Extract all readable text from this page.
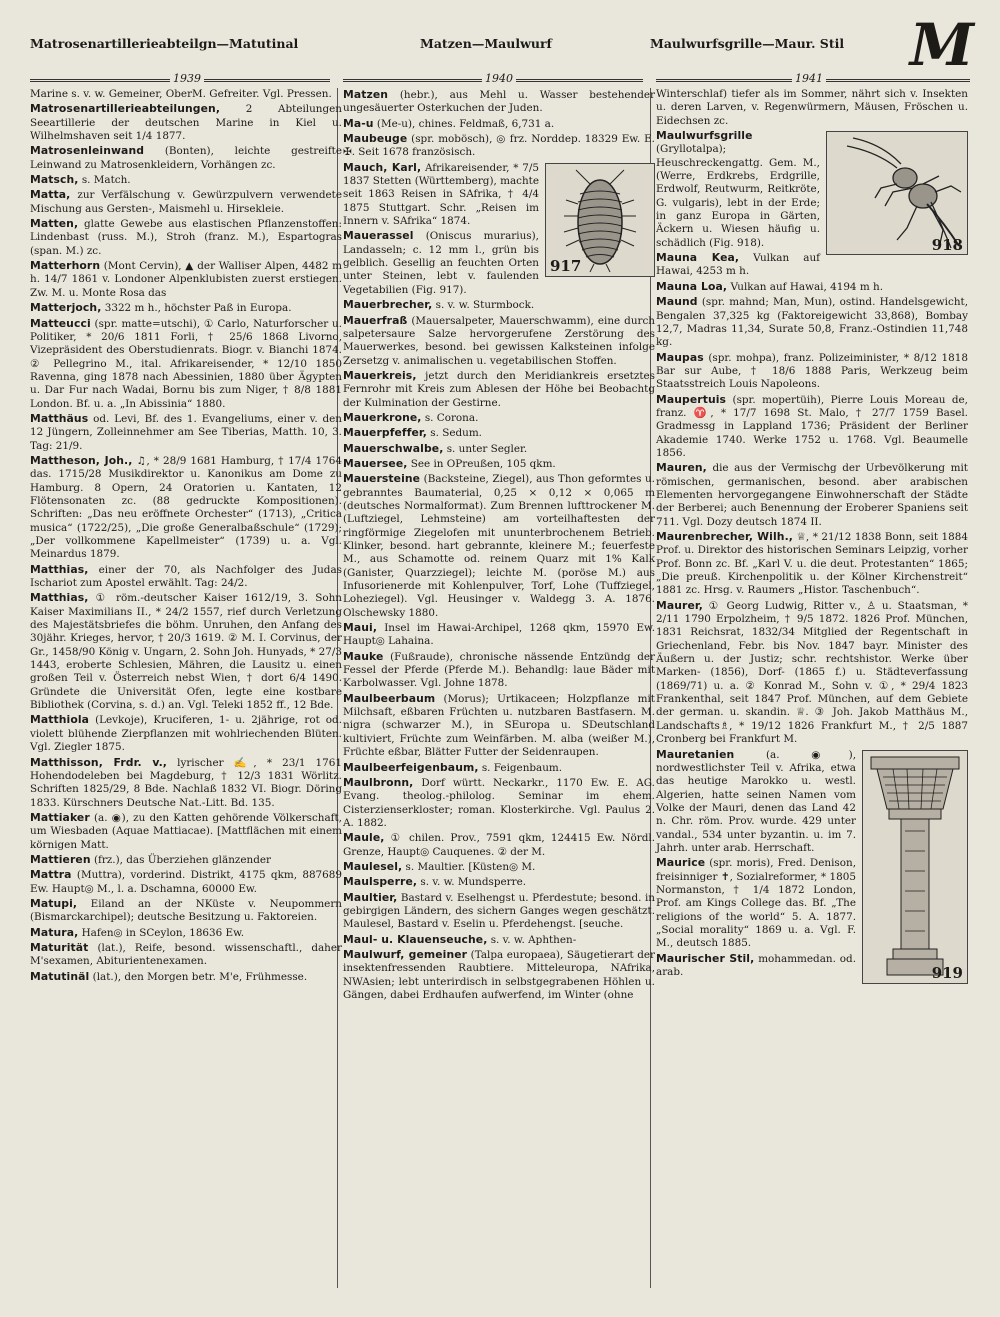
Matrosenartillerieabteilgn—Matutinal	Matzen—Maulwurf	Maulwurfsgrille—Maur. Stil M
1939	1940	1941

Marine s. v. w. Gemeiner, OberM. Gefreiter. Vgl. Pressen.

Matrosenartillerieabteilungen, 2 Abteilungen Seeartillerie der deutschen Marine in Kiel u. Wilhelmshaven seit 1/4 1877.

Matrosenleinwand (Bonten), leichte gestreifte Leinwand zu Matrosenkleidern, Vorhängen zc.

Matsch, s. Match.

Matta, zur Verfälschung v. Gewürzpulvern verwendete Mischung aus Gersten-, Maismehl u. Hirsekleie.

Matten, glatte Gewebe aus elastischen Pflanzenstoffen: Lindenbast (russ. M.), Stroh (franz. M.), Espartogras (span. M.) zc.

Matterhorn (Mont Cervin), ▲ der Walliser Alpen, 4482 m h. 14/7 1861 v. Londoner Alpenklubisten zuerst erstiegen. Zw. M. u. Monte Rosa das

Matterjoch, 3322 m h., höchster Paß in Europa.

Matteucci (spr. matte=utschi), ① Carlo, Naturforscher u. Politiker, * 20/6 1811 Forli, † 25/6 1868 Livorno, Vizepräsident des Oberstudienrats. Biogr. v. Bianchi 1874. ② Pellegrino M., ital. Afrikareisender, * 12/10 1850 Ravenna, ging 1878 nach Abessinien, 1880 über Ägypten u. Dar Fur nach Wadai, Bornu bis zum Niger, † 8/8 1881 London. Bf. u. a. „In Abissinia“ 1880.

Matthäus od. Levi, Bf. des 1. Evangeliums, einer v. den 12 Jüngern, Zolleinnehmer am See Tiberias, Matth. 10, 3. Tag: 21/9.

Mattheson, Joh., ♫, * 28/9 1681 Hamburg, † 17/4 1764 das. 1715/28 Musikdirektor u. Kanonikus am Dome zu Hamburg. 8 Opern, 24 Oratorien u. Kantaten, 12 Flötensonaten zc. (88 gedruckte Kompositionen). Schriften: „Das neu eröffnete Orchester“ (1713), „Critica musica“ (1722/25), „Die große Generalbaßschule“ (1729); „Der vollkommene Kapellmeister“ (1739) u. a. Vgl. Meinardus 1879.

Matthias, einer der 70, als Nachfolger des Judas Ischariot zum Apostel erwählt. Tag: 24/2.

Matthias, ① röm.-deutscher Kaiser 1612/19, 3. Sohn Kaiser Maximilians II., * 24/2 1557, rief durch Verletzung des Majestätsbriefes die böhm. Unruhen, den Anfang des 30jähr. Krieges, hervor, † 20/3 1619. ② M. I. Corvinus, der Gr., 1458/90 König v. Ungarn, 2. Sohn Joh. Hunyads, * 27/3 1443, eroberte Schlesien, Mähren, die Lausitz u. einen großen Teil v. Österreich nebst Wien, † dort 6/4 1490. Gründete die Universität Ofen, legte eine kostbare Bibliothek (Corvina, s. d.) an. Vgl. Teleki 1852 ff., 12 Bde.

Matthiola (Levkoje), Kruciferen, 1- u. 2jährige, rot od. violett blühende Zierpflanzen mit wohlriechenden Blüten. Vgl. Ziegler 1875.

Matthisson, Frdr. v., lyrischer ✍, * 23/1 1761 Hohendodeleben bei Magdeburg, † 12/3 1831 Wörlitz. Schriften 1825/29, 8 Bde. Nachlaß 1832 VI. Biogr. Döring 1833. Kürschners Deutsche Nat.-Litt. Bd. 135.

Mattiaker (a. ◉), zu den Katten gehörende Völkerschaft, um Wiesbaden (Aquae Mattiacae). [Mattflächen mit einem körnigen Matt.

Mattieren (frz.), das Überziehen glänzender

Mattra (Muttra), vorderind. Distrikt, 4175 qkm, 887689 Ew. Haupt◎ M., l. a. Dschamna, 60000 Ew.

Matupi, Eiland an der NKüste v. Neupommern (Bismarckarchipel); deutsche Besitzung u. Faktoreien.

Matura, Hafen◎ in SCeylon, 18636 Ew.

Maturität (lat.), Reife, besond. wissenschaftl., daher M'sexamen, Abiturientenexamen.

Matutinäl (lat.), den Morgen betr. M'e, Frühmesse.

Matzen (hebr.), aus Mehl u. Wasser bestehender ungesäuerter Osterkuchen der Juden.

Ma-u (Me-u), chines. Feldmaß, 6,731 a.

Maubeuge (spr. mobösch), ◎ frz. Norddep. 18329 Ew. E. ✠. Seit 1678 französisch.

917
Mauch, Karl, Afrikareisender, * 7/5 1837 Stetten (Württemberg), machte seit 1863 Reisen in SAfrika, † 4/4 1875 Stuttgart. Schr. „Reisen im Innern v. SAfrika“ 1874.

Mauerassel (Oniscus murarius), Landasseln; c. 12 mm l., grün bis gelblich. Gesellig an feuchten Orten unter Steinen, lebt v. faulenden Vegetabilien (Fig. 917).

Mauerbrecher, s. v. w. Sturmbock.

Mauerfraß (Mauersalpeter, Mauerschwamm), eine durch salpetersaure Salze hervorgerufene Zerstörung des Mauerwerkes, besond. bei gewissen Kalksteinen infolge Zersetzg v. animalischen u. vegetabilischen Stoffen.

Mauerkreis, jetzt durch den Meridiankreis ersetztes Fernrohr mit Kreis zum Ablesen der Höhe bei Beobachtg der Kulmination der Gestirne.

Mauerkrone, s. Corona.

Mauerpfeffer, s. Sedum.

Mauerschwalbe, s. unter Segler.

Mauersee, See in OPreußen, 105 qkm.

Mauersteine (Backsteine, Ziegel), aus Thon geformtes u. gebranntes Baumaterial, 0,25 × 0,12 × 0,065 m (deutsches Normalformat). Zum Brennen lufttrockener M. (Luftziegel, Lehmsteine) am vorteilhaftesten der ringförmige Ziegelofen mit ununterbrochenem Betrieb. Klinker, besond. hart gebrannte, kleinere M.; feuerfeste M., aus Schamotte od. reinem Quarz mit 1% Kalk (Ganister, Quarzziegel); leichte M. (poröse M.) aus Infusorienerde mit Kohlenpulver, Torf, Lohe (Tuffziegel, Loheziegel). Vgl. Heusinger v. Waldegg 3. A. 1876. Olschewsky 1880.

Maui, Insel im Hawai-Archipel, 1268 qkm, 15970 Ew. Haupt◎ Lahaina.

Mauke (Fußraude), chronische nässende Entzündg der Fessel der Pferde (Pferde M.). Behandlg: laue Bäder mit Karbolwasser. Vgl. Johne 1878.

Maulbeerbaum (Morus); Urtikaceen; Holzpflanze mit Milchsaft, eßbaren Früchten u. nutzbaren Bastfasern. M. nigra (schwarzer M.), in SEuropa u. SDeutschland kultiviert, Früchte zum Weinfärben. M. alba (weißer M.), Früchte eßbar, Blätter Futter der Seidenraupen.

Maulbeerfeigenbaum, s. Feigenbaum.

Maulbronn, Dorf württ. Neckarkr., 1170 Ew. E. AG. Evang. theolog.-philolog. Seminar im ehem. Cisterzienserkloster; roman. Klosterkirche. Vgl. Paulus 2. A. 1882.

Maule, ① chilen. Prov., 7591 qkm, 124415 Ew. Nördl. Grenze, Haupt◎ Cauquenes. ② der M.

Maulesel, s. Maultier. [Küsten◎ M.

Maulsperre, s. v. w. Mundsperre.

Maultier, Bastard v. Eselhengst u. Pferdestute; besond. in gebirgigen Ländern, des sichern Ganges wegen geschätzt. Maulesel, Bastard v. Eselin u. Pferdehengst. [seuche.

Maul- u. Klauenseuche, s. v. w. Aphthen-

Maulwurf, gemeiner (Talpa europaea), Säugetierart der insektenfressenden Raubtiere. Mitteleuropa, NAfrika, NWAsien; lebt unterirdisch in selbstgegrabenen Höhlen u. Gängen, dabei Erdhaufen aufwerfend, im Winter (ohne

Winterschlaf) tiefer als im Sommer, nährt sich v. Insekten u. deren Larven, v. Regenwürmern, Mäusen, Fröschen u. Eidechsen zc.

918
Maulwurfsgrille (Gryllotalpa); Heuschreckengattg. Gem. M., (Werre, Erdkrebs, Erdgrille, Erdwolf, Reutwurm, Reitkröte, G. vulgaris), lebt in der Erde; in ganz Europa in Gärten, Äckern u. Wiesen häufig u. schädlich (Fig. 918).

Mauna Kea, Vulkan auf Hawai, 4253 m h.

Mauna Loa, Vulkan auf Hawai, 4194 m h.

Maund (spr. mahnd; Man, Mun), ostind. Handelsgewicht, Bengalen 37,325 kg (Faktoreigewicht 33,868), Bombay 12,7, Madras 11,34, Surate 50,8, Franz.-Ostindien 11,748 kg.

Maupas (spr. mohpa), franz. Polizeiminister, * 8/12 1818 Bar sur Aube, † 18/6 1888 Paris, Werkzeug beim Staatsstreich Louis Napoleons.

Maupertuis (spr. mopertüih), Pierre Louis Moreau de, franz. ♈, * 17/7 1698 St. Malo, † 27/7 1759 Basel. Gradmessg in Lappland 1736; Präsident der Berliner Akademie 1740. Werke 1752 u. 1768. Vgl. Beaumelle 1856.

Mauren, die aus der Vermischg der Urbevölkerung mit römischen, germanischen, besond. aber arabischen Elementen hervorgegangene Einwohnerschaft der Städte der Berberei; auch Benennung der Eroberer Spaniens seit 711. Vgl. Dozy deutsch 1874 II.

Maurenbrecher, Wilh., ♕, * 21/12 1838 Bonn, seit 1884 Prof. u. Direktor des historischen Seminars Leipzig, vorher Prof. Bonn zc. Bf. „Karl V. u. die deut. Protestanten“ 1865; „Die preuß. Kirchenpolitik u. der Kölner Kirchenstreit“ 1881 zc. Hrsg. v. Raumers „Histor. Taschenbuch“.

Maurer, ① Georg Ludwig, Ritter v., ♙ u. Staatsman, * 2/11 1790 Erpolzheim, † 9/5 1872. 1826 Prof. München, 1831 Reichsrat, 1832/34 Mitglied der Regentschaft in Griechenland, Febr. bis Nov. 1847 bayr. Minister des Äußern u. der Justiz; schr. rechtshistor. Werke über Marken- (1856), Dorf- (1865 f.) u. Städteverfassung (1869/71) u. a. ② Konrad M., Sohn v. ①, * 29/4 1823 Frankenthal, seit 1847 Prof. München, auf dem Gebiete der german. u. skandin. ♕. ③ Joh. Jakob Matthäus M., Landschafts♗, * 19/12 1826 Frankfurt M., † 2/5 1887 Cronberg bei Frankfurt M.

919
Mauretanien	(a. ◉), nordwestlichster Teil v. Afrika, etwa das heutige Marokko u. westl. Algerien, hatte seinen Namen vom Volke der Mauri, denen das Land 42 n. Chr. röm. Prov. wurde. 429 unter vandal., 534 unter byzantin. u. im 7. Jahrh. unter arab. Herrschaft.

Maurice (spr. moris), Fred. Denison, freisinniger ✝, Sozialreformer, * 1805 Normanston, † 1/4 1872 London, Prof. am Kings College das. Bf. „The religions of the world“ 5. A. 1877. „Social morality“ 1869 u. a. Vgl. F. M., deutsch 1885.

Maurischer Stil, mohammedan. od. arab.
